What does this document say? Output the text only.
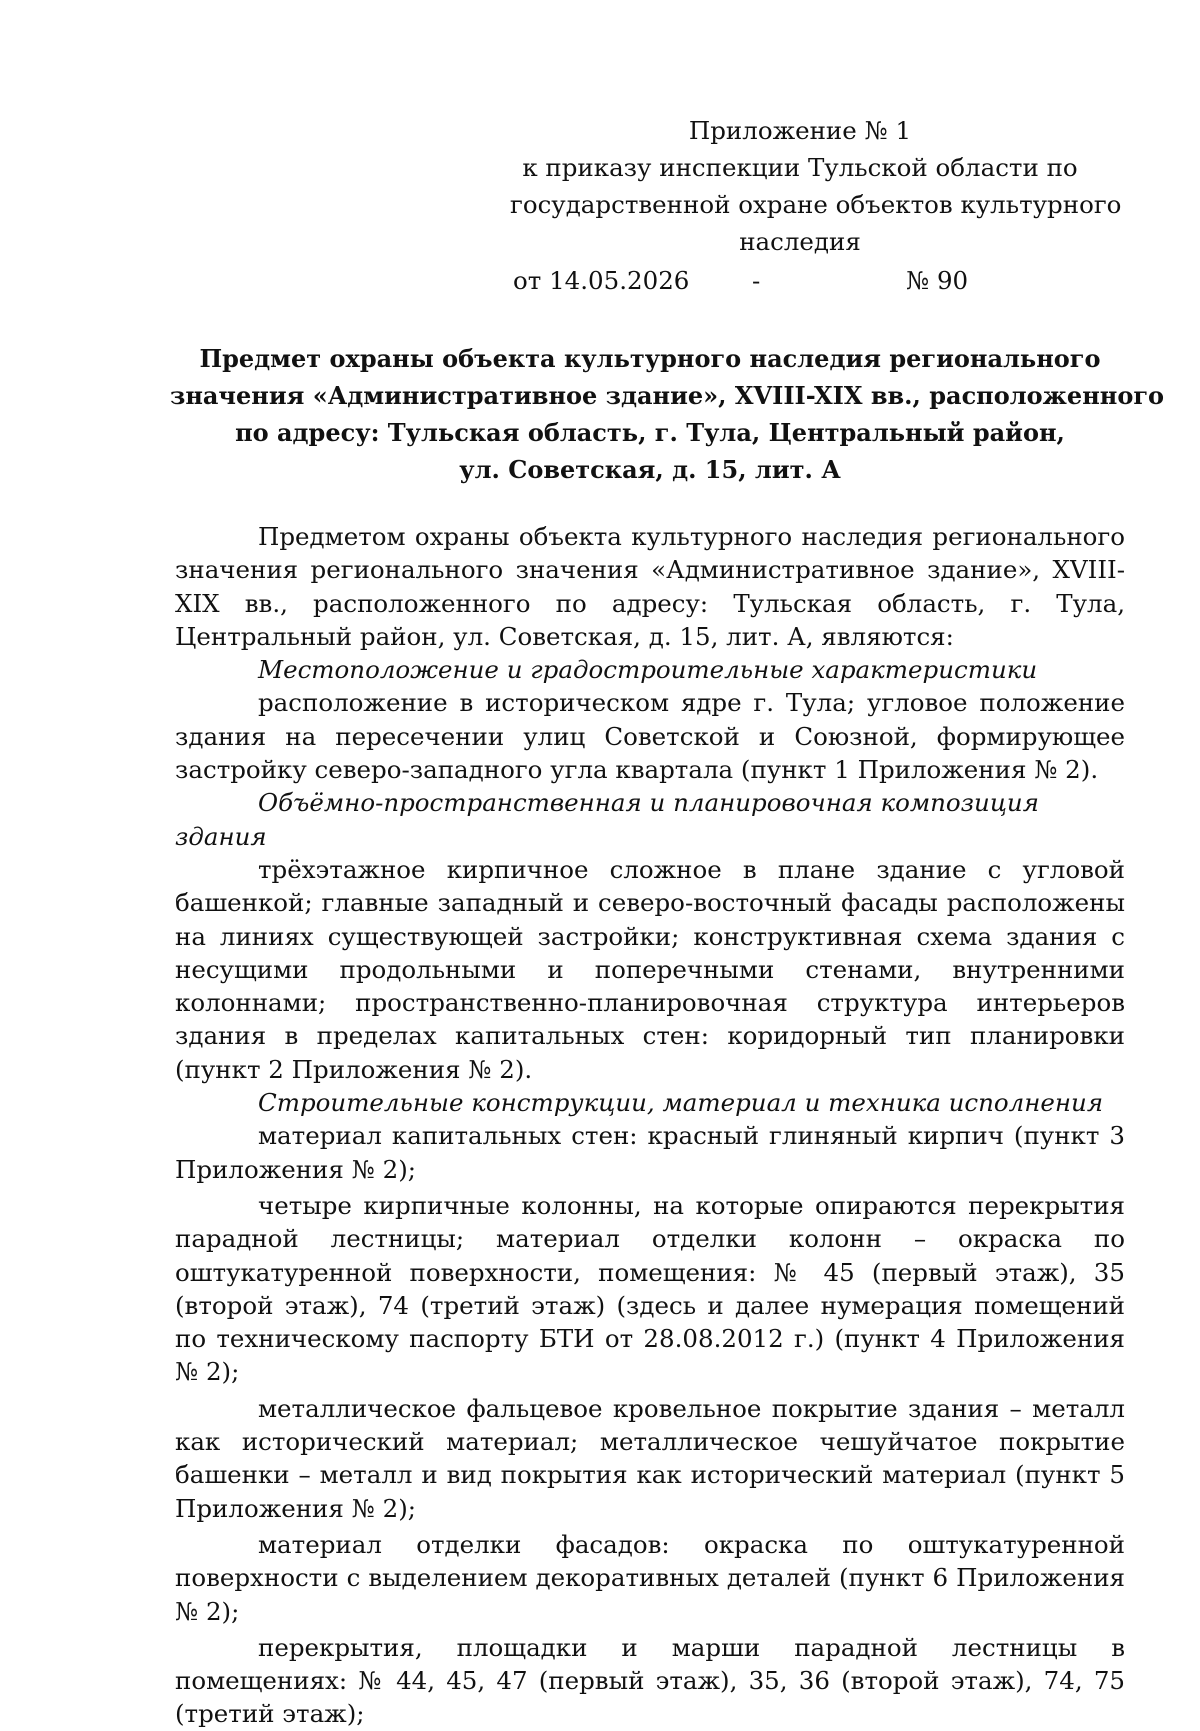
Приложение № 1
к приказу инспекции Тульской области по
государственной охране объектов культурного
наследия
от 14.05.2026	-	№ 90
Предмет охраны объекта культурного наследия регионального
значения «Административное здание», XVIII-XIX вв., расположенного
по адресу: Тульская область, г. Тула, Центральный район,
ул. Советская, д. 15, лит. А

Предметом охраны объекта культурного наследия регионального значения регионального значения «Административное здание», XVIII-XIX вв., расположенного по адресу: Тульская область, г. Тула, Центральный район, ул. Советская, д. 15, лит. А, являются:

Местоположение и градостроительные характеристики

расположение в историческом ядре г. Тула; угловое положение здания на пересечении улиц Советской и Союзной, формирующее застройку северо-западного угла квартала (пункт 1 Приложения № 2).

Объёмно-пространственная и планировочная композиция здания

трёхэтажное кирпичное сложное в плане здание с угловой башенкой; главные западный и северо-восточный фасады расположены на линиях существующей застройки; конструктивная схема здания с несущими продольными и поперечными стенами, внутренними колоннами; пространственно-планировочная структура интерьеров здания в пределах капитальных стен: коридорный тип планировки (пункт 2 Приложения № 2).

Строительные конструкции, материал и техника исполнения

материал капитальных стен: красный глиняный кирпич (пункт 3 Приложения № 2);

четыре кирпичные колонны, на которые опираются перекрытия парадной лестницы; материал отделки колонн – окраска по оштукатуренной поверхности, помещения: № 45 (первый этаж), 35 (второй этаж), 74 (третий этаж) (здесь и далее нумерация помещений по техническому паспорту БТИ от 28.08.2012 г.) (пункт 4 Приложения № 2);

металлическое фальцевое кровельное покрытие здания – металл как исторический материал; металлическое чешуйчатое покрытие башенки – металл и вид покрытия как исторический материал (пункт 5 Приложения № 2);

материал отделки фасадов: окраска по оштукатуренной поверхности с выделением декоративных деталей (пункт 6 Приложения № 2);

перекрытия, площадки и марши парадной лестницы в помещениях: № 44, 45, 47 (первый этаж), 35, 36 (второй этаж), 74, 75 (третий этаж);
